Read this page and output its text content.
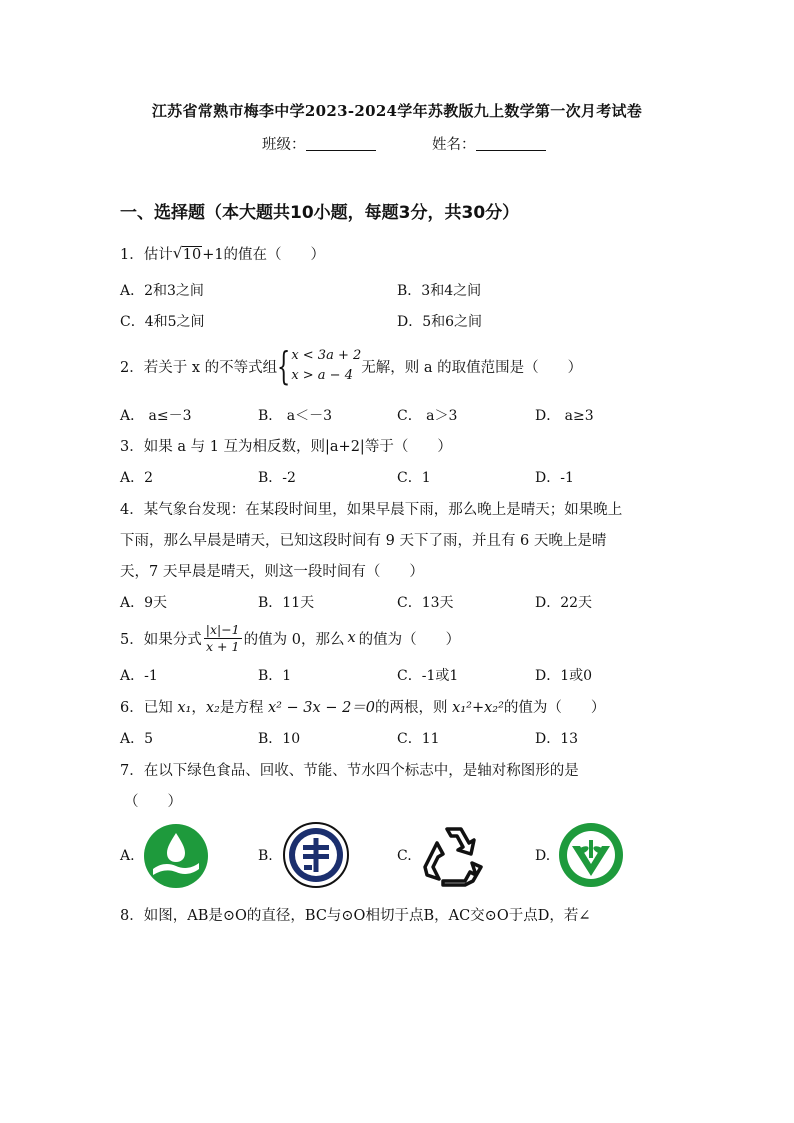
江苏省常熟市梅李中学2023-2024学年苏教版九上数学第一次月考试卷
班级：	姓名：
一、选择题（本大题共10小题，每题3分，共30分）
1．估计 √ 10+1的值在（　　）
A．2和3之间	B．3和4之间
C．4和5之间	D．5和6之间
2．若关于 x 的不等式组 { x < 3a + 2
x > a − 4 无解，则 a 的取值范围是（　　）
A． a≤－3	B． a＜－3	C． a＞3	D． a≥3
3．如果 a 与 1 互为相反数，则|a+2|等于（　　）
A．2	B．-2	C．1	D．-1
4．某气象台发现：在某段时间里，如果早晨下雨，那么晚上是晴天；如果晚上
下雨，那么早晨是晴天，已知这段时间有 9 天下了雨，并且有 6 天晚上是晴
天，7 天早晨是晴天，则这一段时间有（　　）
A．9天	B．11天	C．13天	D．22天
5．如果分式 $\frac{|x|-1}{x + 1}$ 的值为 0，那么 x 的值为（　　）
A．-1	B．1	C．-1或1	D．1或0
6．已知 x₁，x₂是方程 x² − 3x − 2＝0的两根，则 x₁²+x₂²的值为（　　）
A．5	B．10	C．11	D．13
7．在以下绿色食品、回收、节能、节水四个标志中，是轴对称图形的是
（　　）
A.	B.	C.	D.
8．如图，AB是⊙O的直径，BC与⊙O相切于点B，AC交⊙O于点D，若∠
